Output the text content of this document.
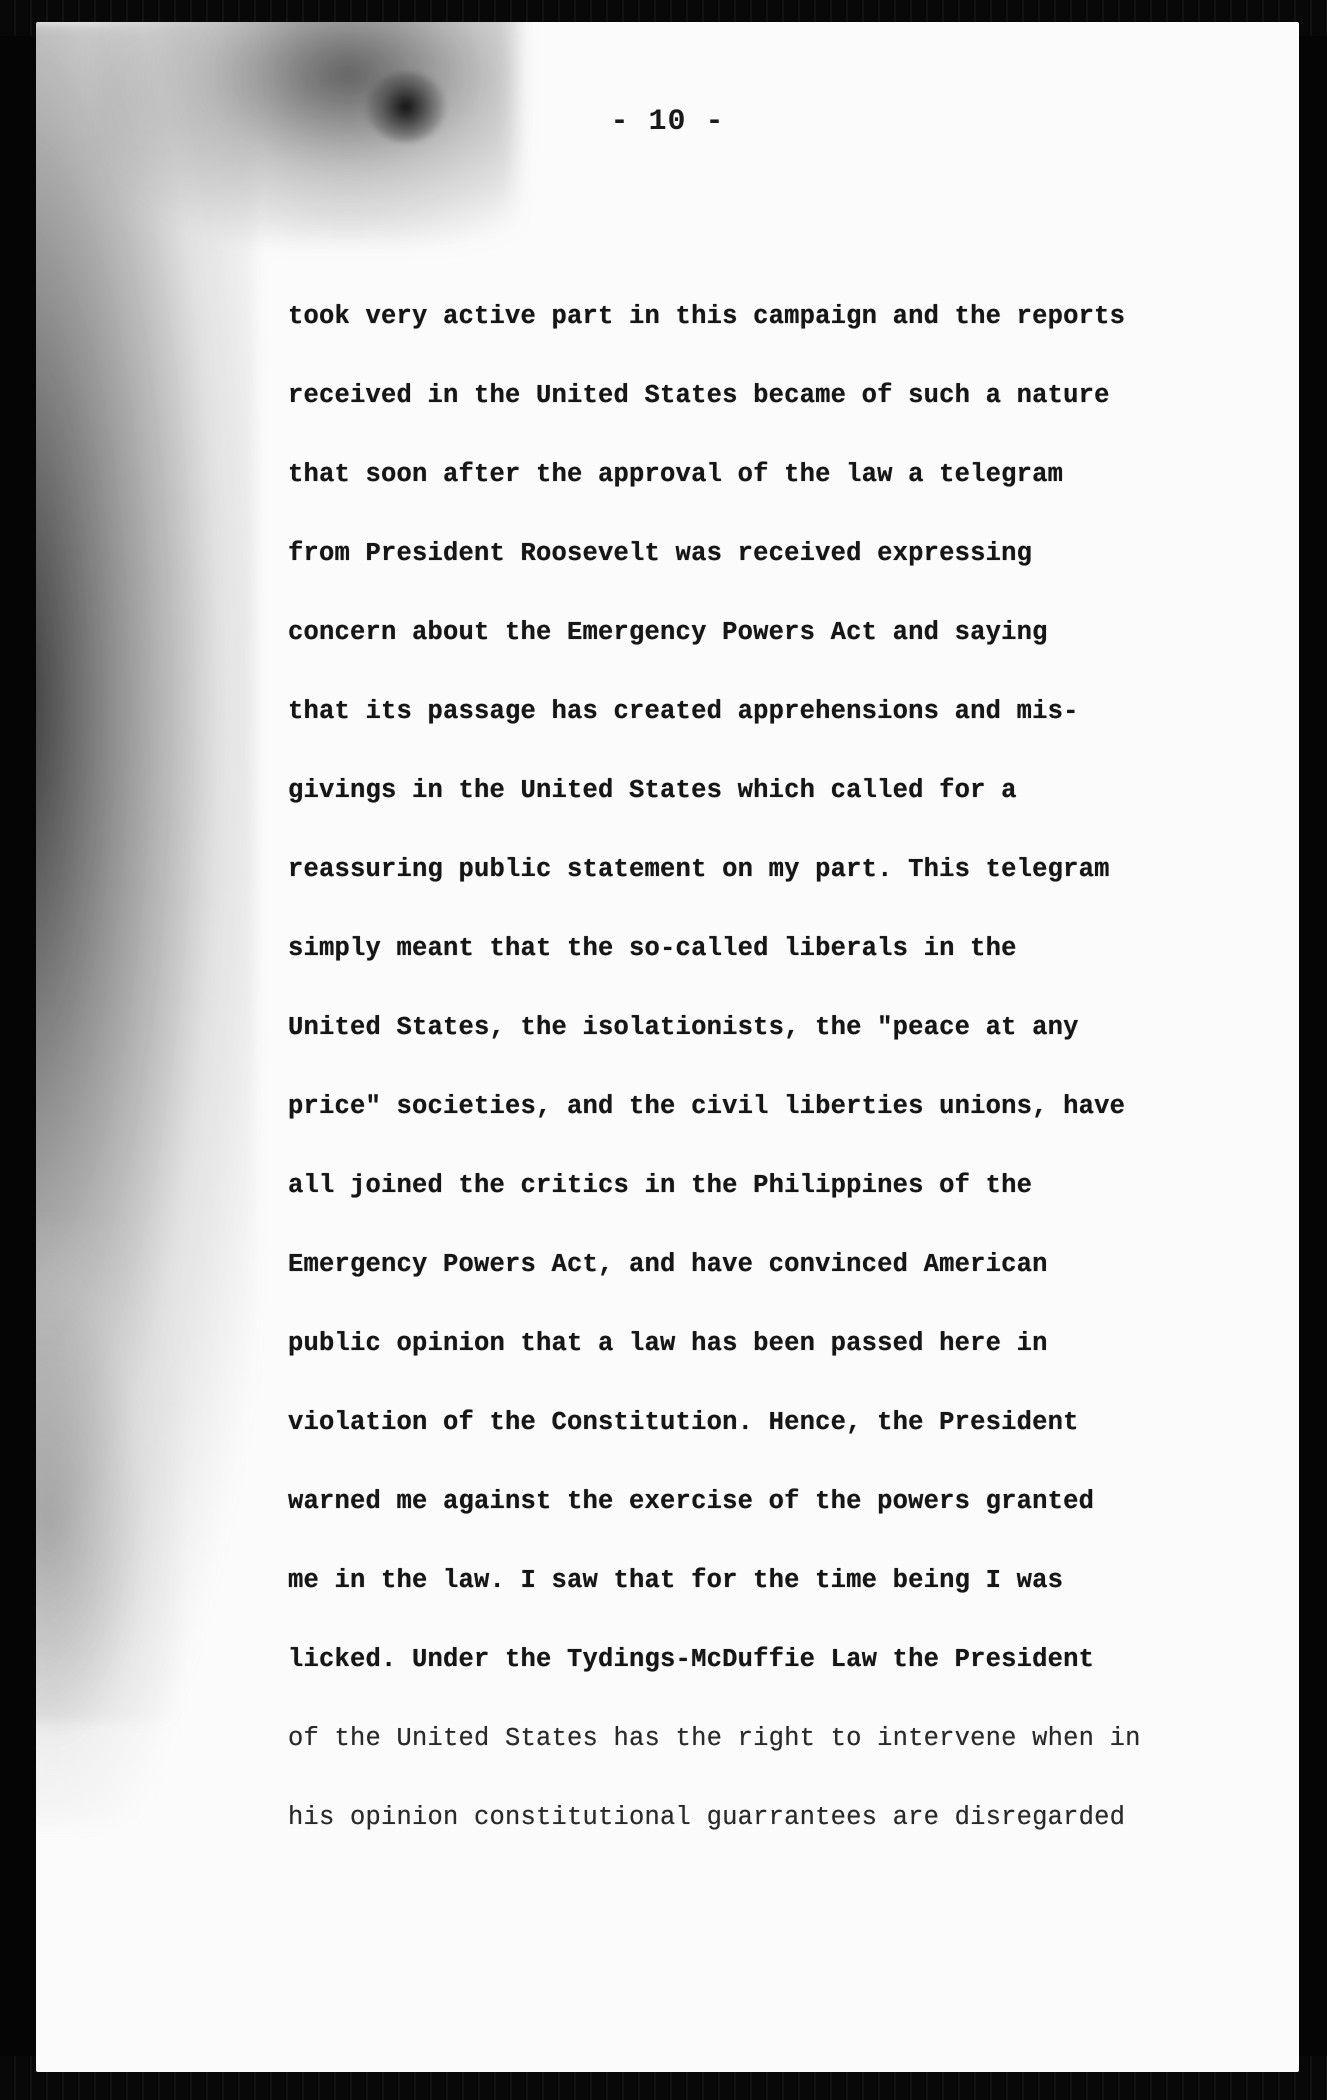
- 10 -
took very active part in this campaign and the reports
received in the United States became of such a nature
that soon after the approval of the law a telegram
from President Roosevelt was received expressing
concern about the Emergency Powers Act and saying
that its passage has created apprehensions and mis-
givings in the United States which called for a
reassuring public statement on my part. This telegram
simply meant that the so-called liberals in the
United States, the isolationists, the "peace at any
price" societies, and the civil liberties unions, have
all joined the critics in the Philippines of the
Emergency Powers Act, and have convinced American
public opinion that a law has been passed here in
violation of the Constitution. Hence, the President
warned me against the exercise of the powers granted
me in the law. I saw that for the time being I was
licked. Under the Tydings-McDuffie Law the President
of the United States has the right to intervene when in
his opinion constitutional guarrantees are disregarded
